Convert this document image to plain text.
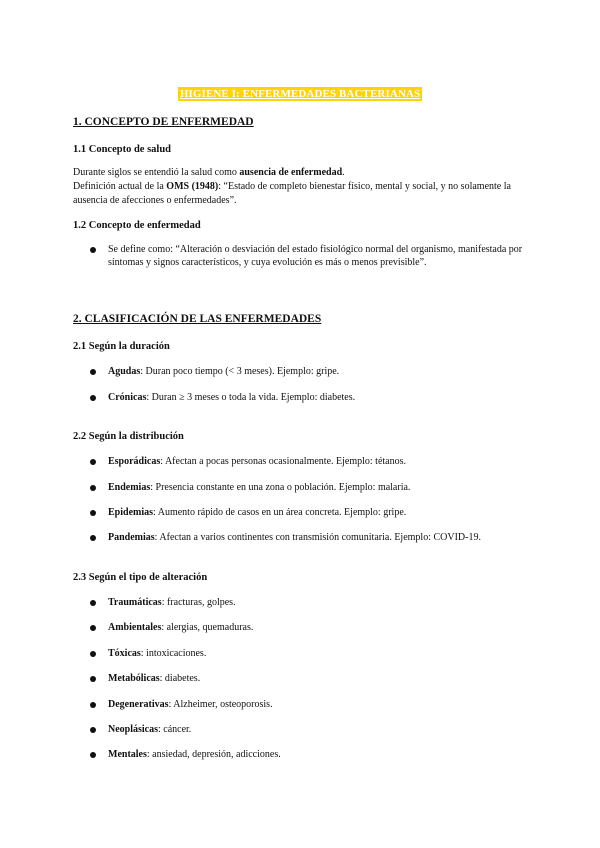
HIGIENE I: ENFERMEDADES BACTERIANAS
1. CONCEPTO DE ENFERMEDAD
1.1 Concepto de salud
Durante siglos se entendió la salud como ausencia de enfermedad.
Definición actual de la OMS (1948): “Estado de completo bienestar físico, mental y social, y no solamente la ausencia de afecciones o enfermedades”.
1.2 Concepto de enfermedad
Se define como: “Alteración o desviación del estado fisiológico normal del organismo, manifestada por síntomas y signos característicos, y cuya evolución es más o menos previsible”.
2. CLASIFICACIÓN DE LAS ENFERMEDADES
2.1 Según la duración
Agudas: Duran poco tiempo (< 3 meses). Ejemplo: gripe.
Crónicas: Duran ≥ 3 meses o toda la vida. Ejemplo: diabetes.
2.2 Según la distribución
Esporádicas: Afectan a pocas personas ocasionalmente. Ejemplo: tétanos.
Endemias: Presencia constante en una zona o población. Ejemplo: malaria.
Epidemias: Aumento rápido de casos en un área concreta. Ejemplo: gripe.
Pandemias: Afectan a varios continentes con transmisión comunitaria. Ejemplo: COVID-19.
2.3 Según el tipo de alteración
Traumáticas: fracturas, golpes.
Ambientales: alergias, quemaduras.
Tóxicas: intoxicaciones.
Metabólicas: diabetes.
Degenerativas: Alzheimer, osteoporosis.
Neoplásicas: cáncer.
Mentales: ansiedad, depresión, adicciones.
